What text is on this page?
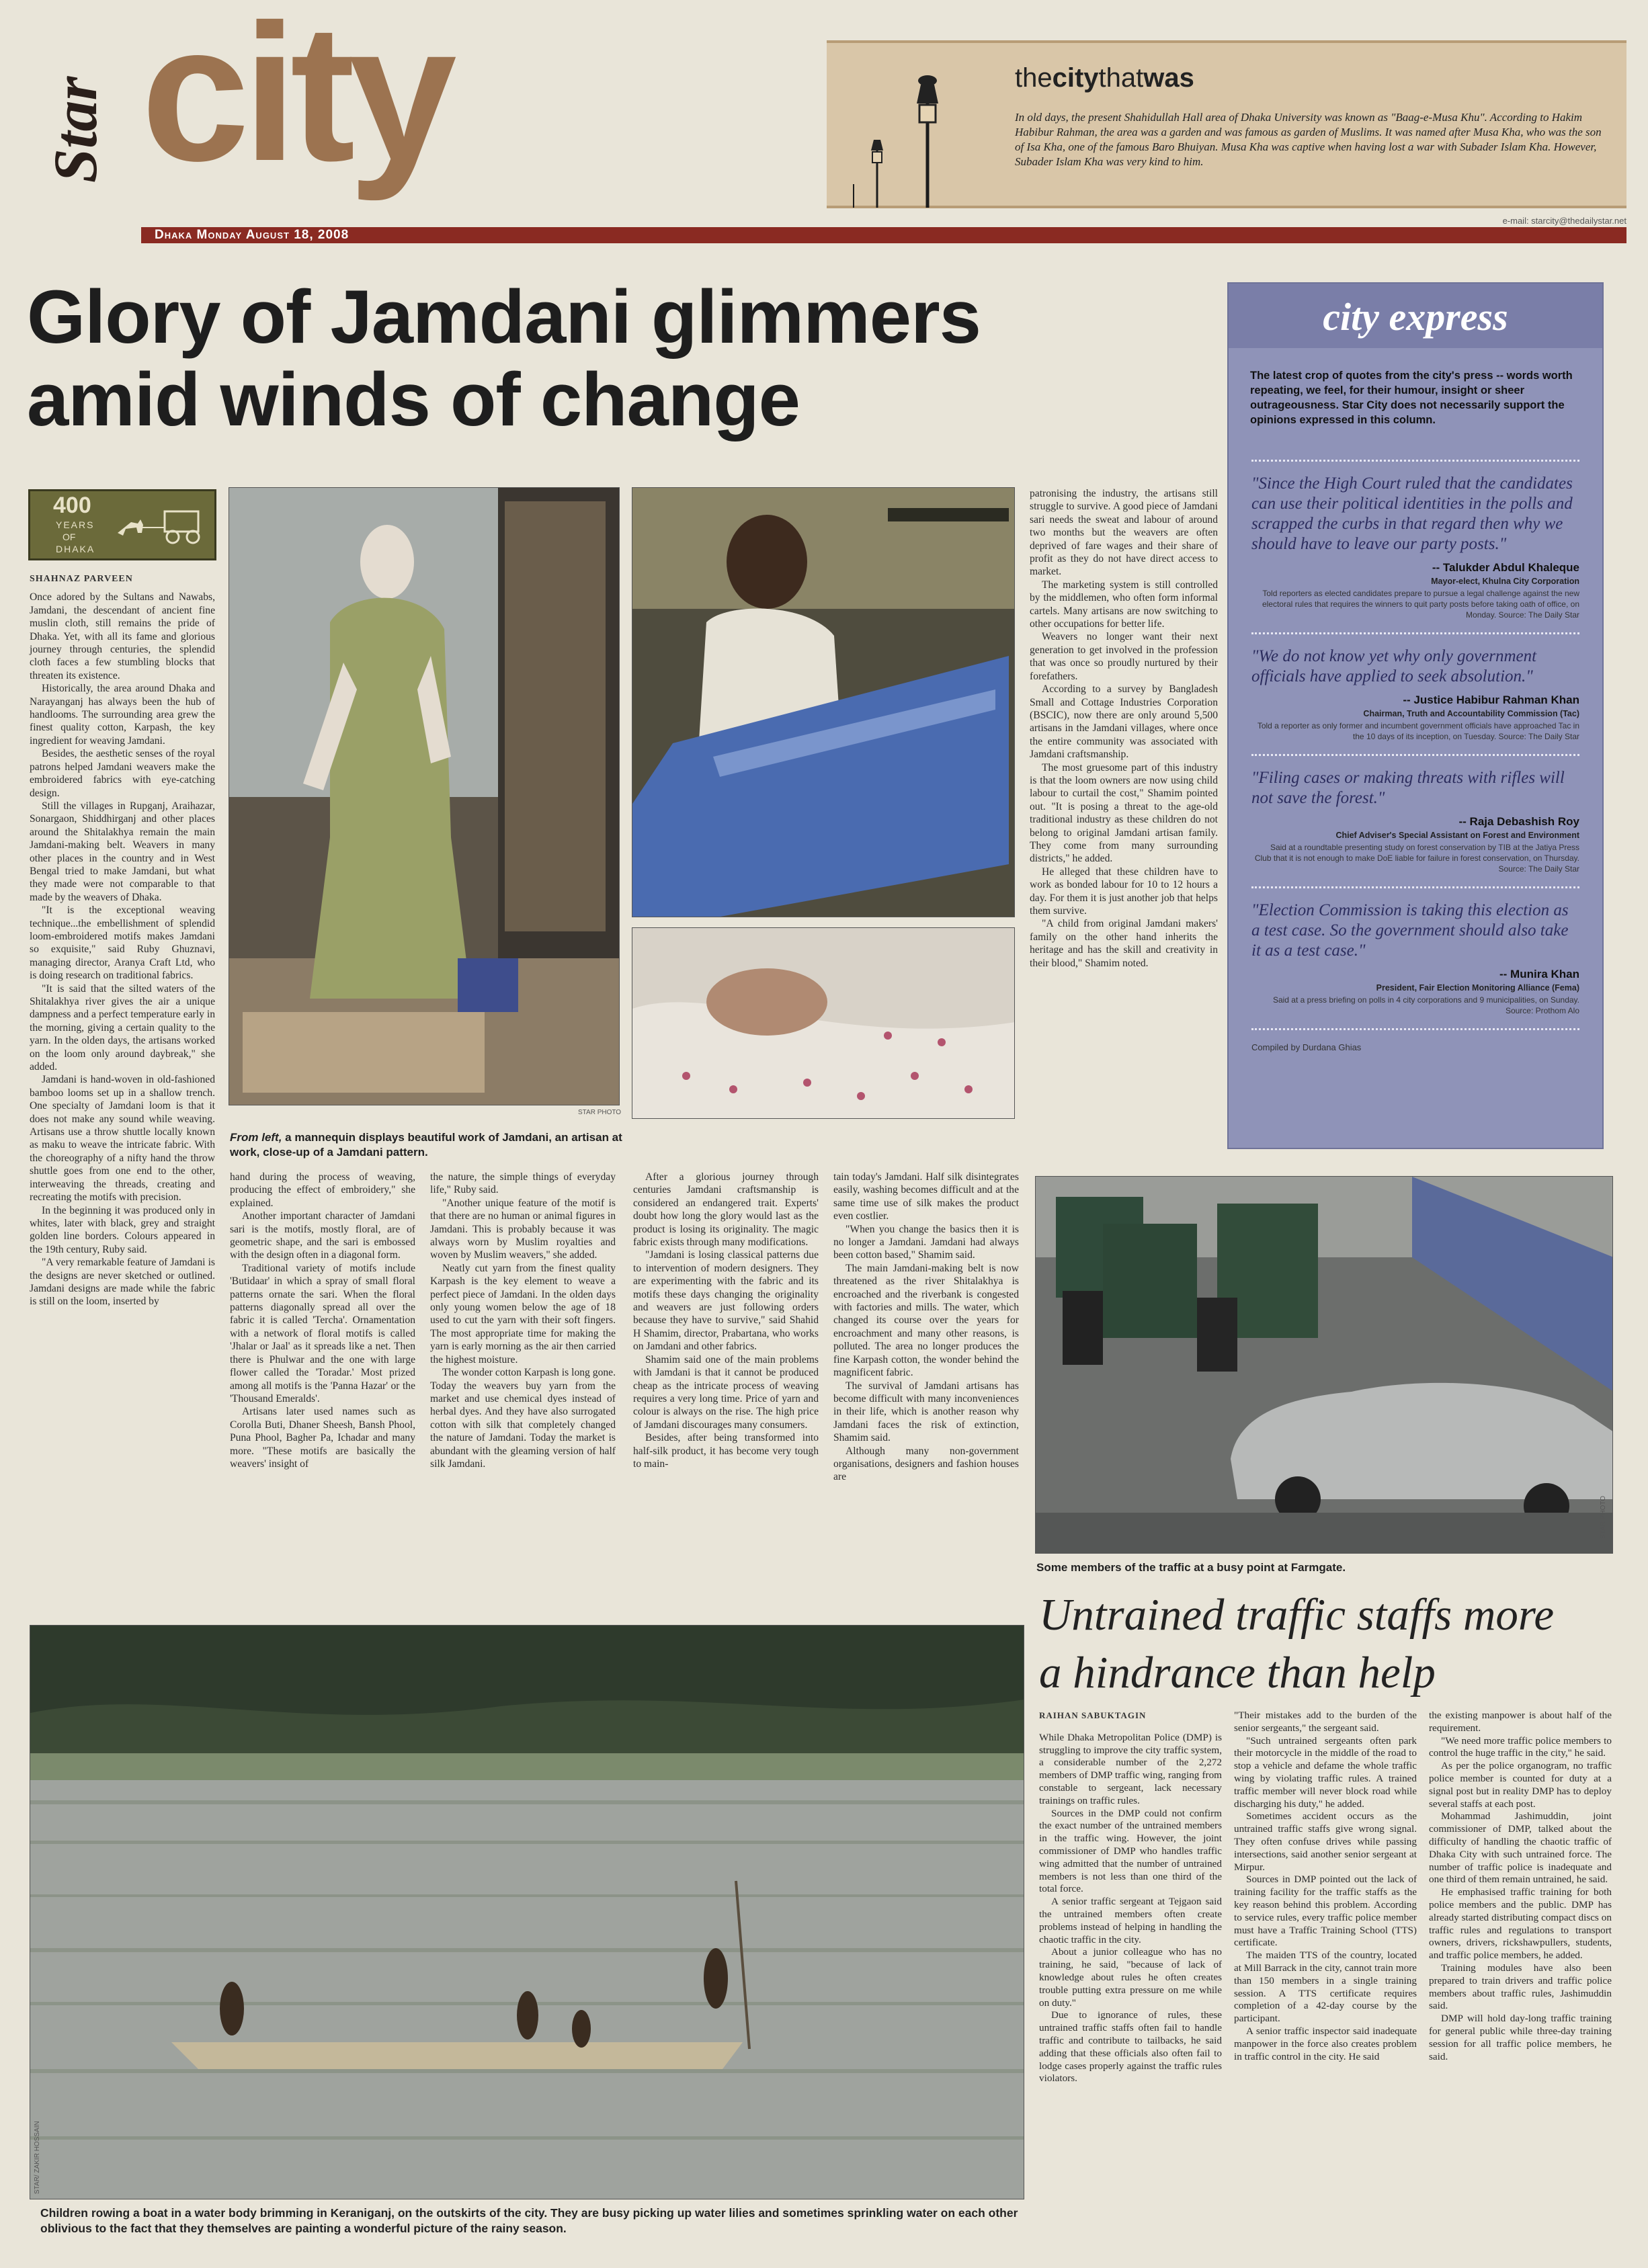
Star city	thecitythatwas
In old days, the present Shahidullah Hall area of Dhaka University was known as "Baag-e-Musa Khu". According to Hakim Habibur Rahman, the area was a garden and was famous as garden of Muslims. It was named after Musa Kha, who was the son of Isa Kha, one of the famous Baro Bhuiyan. Musa Kha was captive when having lost a war with Subader Islam Kha. However, Subader Islam Kha was very kind to him.
e-mail: starcity@thedailystar.net
Dhaka Monday August 18, 2008
Glory of Jamdani glimmers
amid winds of change
400
YEARS
OF
DHAKA
SHAHNAZ PARVEEN

Once adored by the Sultans and Nawabs, Jamdani, the descendant of ancient fine muslin cloth, still remains the pride of Dhaka. Yet, with all its fame and glorious journey through centuries, the splendid cloth faces a few stumbling blocks that threaten its existence.

Historically, the area around Dhaka and Narayanganj has always been the hub of handlooms. The surrounding area grew the finest quality cotton, Karpash, the key ingredient for weaving Jamdani.

Besides, the aesthetic senses of the royal patrons helped Jamdani weavers make the embroidered fabrics with eye-catching design.

Still the villages in Rupganj, Araihazar, Sonargaon, Shiddhirganj and other places around the Shitalakhya remain the main Jamdani-making belt. Weavers in many other places in the country and in West Bengal tried to make Jamdani, but what they made were not comparable to that made by the weavers of Dhaka.

"It is the exceptional weaving technique...the embellishment of splendid loom-embroidered motifs makes Jamdani so exquisite," said Ruby Ghuznavi, managing director, Aranya Craft Ltd, who is doing research on traditional fabrics.

"It is said that the silted waters of the Shitalakhya river gives the air a unique dampness and a perfect temperature early in the morning, giving a certain quality to the yarn. In the olden days, the artisans worked on the loom only around daybreak," she added.

Jamdani is hand-woven in old-fashioned bamboo looms set up in a shallow trench. One specialty of Jamdani loom is that it does not make any sound while weaving. Artisans use a throw shuttle locally known as maku to weave the intricate fabric. With the choreography of a nifty hand the throw shuttle goes from one end to the other, interweaving the threads, creating and recreating the motifs with precision.

In the beginning it was produced only in whites, later with black, grey and straight golden line borders. Colours appeared in the 19th century, Ruby said.

"A very remarkable feature of Jamdani is the designs are never sketched or outlined. Jamdani designs are made while the fabric is still on the loom, inserted by

STAR PHOTO
From left, a mannequin displays beautiful work of Jamdani, an artisan at work, close-up of a Jamdani pattern.

hand during the process of weaving, producing the effect of embroidery," she explained.

Another important character of Jamdani sari is the motifs, mostly floral, are of geometric shape, and the sari is embossed with the design often in a diagonal form.

Traditional variety of motifs include 'Butidaar' in which a spray of small floral patterns ornate the sari. When the floral patterns diagonally spread all over the fabric it is called 'Tercha'. Ornamentation with a network of floral motifs is called 'Jhalar or Jaal' as it spreads like a net. Then there is Phulwar and the one with large flower called the 'Toradar.' Most prized among all motifs is the 'Panna Hazar' or the 'Thousand Emeralds'.

Artisans later used names such as Corolla Buti, Dhaner Sheesh, Bansh Phool, Puna Phool, Bagher Pa, Ichadar and many more. "These motifs are basically the weavers' insight of

the nature, the simple things of everyday life," Ruby said.

"Another unique feature of the motif is that there are no human or animal figures in Jamdani. This is probably because it was always worn by Muslim royalties and woven by Muslim weavers," she added.

Neatly cut yarn from the finest quality Karpash is the key element to weave a perfect piece of Jamdani. In the olden days only young women below the age of 18 used to cut the yarn with their soft fingers. The most appropriate time for making the yarn is early morning as the air then carried the highest moisture.

The wonder cotton Karpash is long gone. Today the weavers buy yarn from the market and use chemical dyes instead of herbal dyes. And they have also surrogated cotton with silk that completely changed the nature of Jamdani. Today the market is abundant with the gleaming version of half silk Jamdani.

After a glorious journey through centuries Jamdani craftsmanship is considered an endangered trait. Experts' doubt how long the glory would last as the product is losing its originality. The magic fabric exists through many modifications.

"Jamdani is losing classical patterns due to intervention of modern designers. They are experimenting with the fabric and its motifs these days changing the originality and weavers are just following orders because they have to survive," said Shahid H Shamim, director, Prabartana, who works on Jamdani and other fabrics.

Shamim said one of the main problems with Jamdani is that it cannot be produced cheap as the intricate process of weaving requires a very long time. Price of yarn and colour is always on the rise. The high price of Jamdani discourages many consumers.

Besides, after being transformed into half-silk product, it has become very tough to main-

tain today's Jamdani. Half silk disintegrates easily, washing becomes difficult and at the same time use of silk makes the product even costlier.

"When you change the basics then it is no longer a Jamdani. Jamdani had always been cotton based," Shamim said.

The main Jamdani-making belt is now threatened as the river Shitalakhya is encroached and the riverbank is congested with factories and mills. The water, which changed its course over the years for encroachment and many other reasons, is polluted. The area no longer produces the fine Karpash cotton, the wonder behind the magnificent fabric.

The survival of Jamdani artisans has become difficult with many inconveniences in their life, which is another reason why Jamdani faces the risk of extinction, Shamim said.

Although many non-government organisations, designers and fashion houses are

patronising the industry, the artisans still struggle to survive. A good piece of Jamdani sari needs the sweat and labour of around two months but the weavers are often deprived of fare wages and their share of profit as they do not have direct access to market.

The marketing system is still controlled by the middlemen, who often form informal cartels. Many artisans are now switching to other occupations for better life.

Weavers no longer want their next generation to get involved in the profession that was once so proudly nurtured by their forefathers.

According to a survey by Bangladesh Small and Cottage Industries Corporation (BSCIC), now there are only around 5,500 artisans in the Jamdani villages, where once the entire community was associated with Jamdani craftsmanship.

The most gruesome part of this industry is that the loom owners are now using child labour to curtail the cost," Shamim pointed out. "It is posing a threat to the age-old traditional industry as these children do not belong to original Jamdani artisan family. They come from many surrounding districts," he added.

He alleged that these children have to work as bonded labour for 10 to 12 hours a day. For them it is just another job that helps them survive.

"A child from original Jamdani makers' family on the other hand inherits the heritage and has the skill and creativity in their blood," Shamim noted.

city express
The latest crop of quotes from the city's press -- words worth repeating, we feel, for their humour, insight or sheer outrageousness. Star City does not necessarily support the opinions expressed in this column.
"Since the High Court ruled that the candidates can use their political identities in the polls and scrapped the curbs in that regard then why we should have to leave our party posts."
-- Talukder Abdul Khaleque
Mayor-elect, Khulna City Corporation
Told reporters as elected candidates prepare to pursue a legal challenge against the new electoral rules that requires the winners to quit party posts before taking oath of office, on Monday. Source: The Daily Star
"We do not know yet why only government officials have applied to seek absolution."
-- Justice Habibur Rahman Khan
Chairman, Truth and Accountability Commission (Tac)
Told a reporter as only former and incumbent government officials have approached Tac in the 10 days of its inception, on Tuesday. Source: The Daily Star
"Filing cases or making threats with rifles will not save the forest."
-- Raja Debashish Roy
Chief Adviser's Special Assistant on Forest and Environment
Said at a roundtable presenting study on forest conservation by TIB at the Jatiya Press Club that it is not enough to make DoE liable for failure in forest conservation, on Thursday. Source: The Daily Star
"Election Commission is taking this election as a test case. So the government should also take it as a test case."
-- Munira Khan
President, Fair Election Monitoring Alliance (Fema)
Said at a press briefing on polls in 4 city corporations and 9 municipalities, on Sunday. Source: Prothom Alo
Compiled by Durdana Ghias
STAR PHOTO
Some members of the traffic at a busy point at Farmgate.
STAR/ ZAKIR HOSSAIN
Children rowing a boat in a water body brimming in Keraniganj, on the outskirts of the city. They are busy picking up water lilies and sometimes sprinkling water on each other oblivious to the fact that they themselves are painting a wonderful picture of the rainy season.
Untrained traffic staffs more
a hindrance than help
RAIHAN SABUKTAGIN

While Dhaka Metropolitan Police (DMP) is struggling to improve the city traffic system, a considerable number of the 2,272 members of DMP traffic wing, ranging from constable to sergeant, lack necessary trainings on traffic rules.

Sources in the DMP could not confirm the exact number of the untrained members in the traffic wing. However, the joint commissioner of DMP who handles traffic wing admitted that the number of untrained members is not less than one third of the total force.

A senior traffic sergeant at Tejgaon said the untrained members often create problems instead of helping in handling the chaotic traffic in the city.

About a junior colleague who has no training, he said, "because of lack of knowledge about rules he often creates trouble putting extra pressure on me while on duty."

Due to ignorance of rules, these untrained traffic staffs often fail to handle traffic and contribute to tailbacks, he said adding that these officials also often fail to lodge cases properly against the traffic rules violators.

"Their mistakes add to the burden of the senior sergeants," the sergeant said.

"Such untrained sergeants often park their motorcycle in the middle of the road to stop a vehicle and defame the whole traffic wing by violating traffic rules. A trained traffic member will never block road while discharging his duty," he added.

Sometimes accident occurs as the untrained traffic staffs give wrong signal. They often confuse drives while passing intersections, said another senior sergeant at Mirpur.

Sources in DMP pointed out the lack of training facility for the traffic staffs as the key reason behind this problem. According to service rules, every traffic police member must have a Traffic Training School (TTS) certificate.

The maiden TTS of the country, located at Mill Barrack in the city, cannot train more than 150 members in a single training session. A TTS certificate requires completion of a 42-day course by the participant.

A senior traffic inspector said inadequate manpower in the force also creates problem in traffic control in the city. He said

the existing manpower is about half of the requirement.

"We need more traffic police members to control the huge traffic in the city," he said.

As per the police organogram, no traffic police member is counted for duty at a signal post but in reality DMP has to deploy several staffs at each post.

Mohammad Jashimuddin, joint commissioner of DMP, talked about the difficulty of handling the chaotic traffic of Dhaka City with such untrained force. The number of traffic police is inadequate and one third of them remain untrained, he said.

He emphasised traffic training for both police members and the public. DMP has already started distributing compact discs on traffic rules and regulations to transport owners, drivers, rickshawpullers, students, and traffic police members, he added.

Training modules have also been prepared to train drivers and traffic police members about traffic rules, Jashimuddin said.

DMP will hold day-long traffic training for general public while three-day training session for all traffic police members, he said.
